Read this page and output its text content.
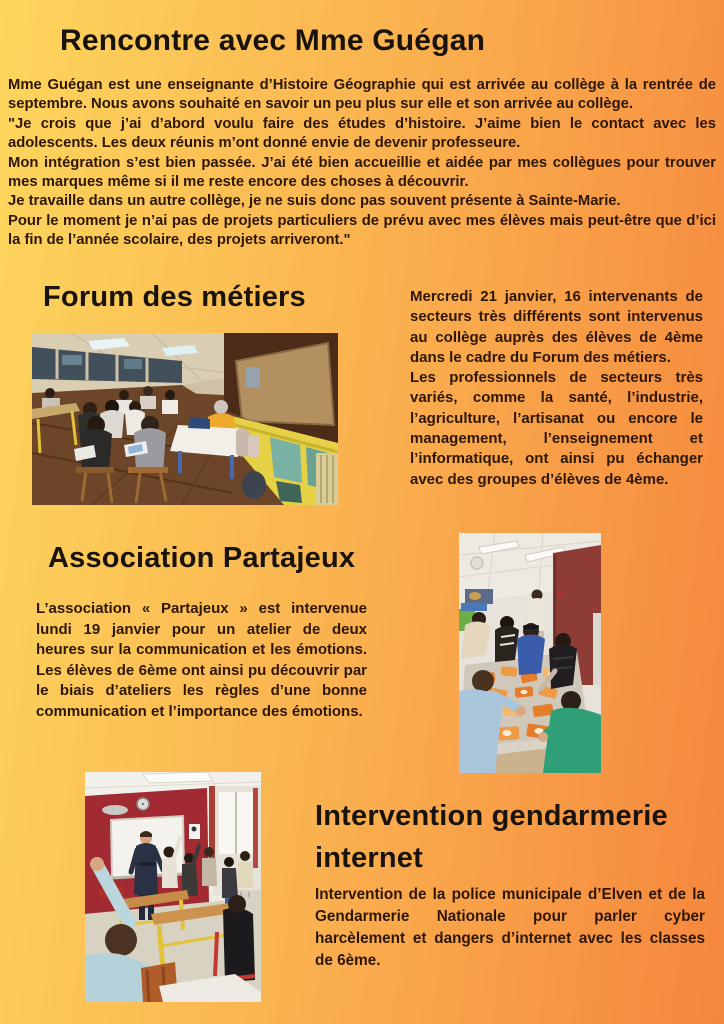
Rencontre avec Mme Guégan

Mme Guégan est une enseignante d’Histoire Géographie qui est arrivée au collège à la rentrée de septembre. Nous avons souhaité en savoir un peu plus sur elle et son arrivée au collège.

"Je crois que j’ai d’abord voulu faire des études d’histoire. J’aime bien le contact avec les adolescents. Les deux réunis m’ont donné envie de devenir professeure.

Mon intégration s’est bien passée. J’ai été bien accueillie et aidée par mes collègues pour trouver mes marques même si il me reste encore des choses à découvrir.

Je travaille dans un autre collège, je ne suis donc pas souvent présente à Sainte-Marie.

Pour le moment je n’ai pas de projets particuliers de prévu avec mes élèves mais peut-être que d’ici la fin de l’année scolaire, des projets arriveront."

Forum des métiers	Mercredi 21 janvier, 16 intervenants de secteurs très différents sont intervenus au collège auprès des élèves de 4ème dans le cadre du Forum des métiers.

Les professionnels de secteurs très variés, comme la santé, l’industrie, l’agriculture, l’artisanat ou encore le management, l’enseignement et l’informatique, ont ainsi pu échanger avec des groupes d’élèves de 4ème.

Association Partajeux

L’association « Partajeux » est intervenue lundi 19 janvier pour un atelier de deux heures sur la communication et les émotions. Les élèves de 6ème ont ainsi pu découvrir par le biais d’ateliers les règles d’une bonne communication et l’importance des émotions.

Intervention gendarmerie internet

Intervention de la police municipale d’Elven et de la Gendarmerie Nationale pour parler cyber harcèlement et dangers d’internet avec les classes de 6ème.
